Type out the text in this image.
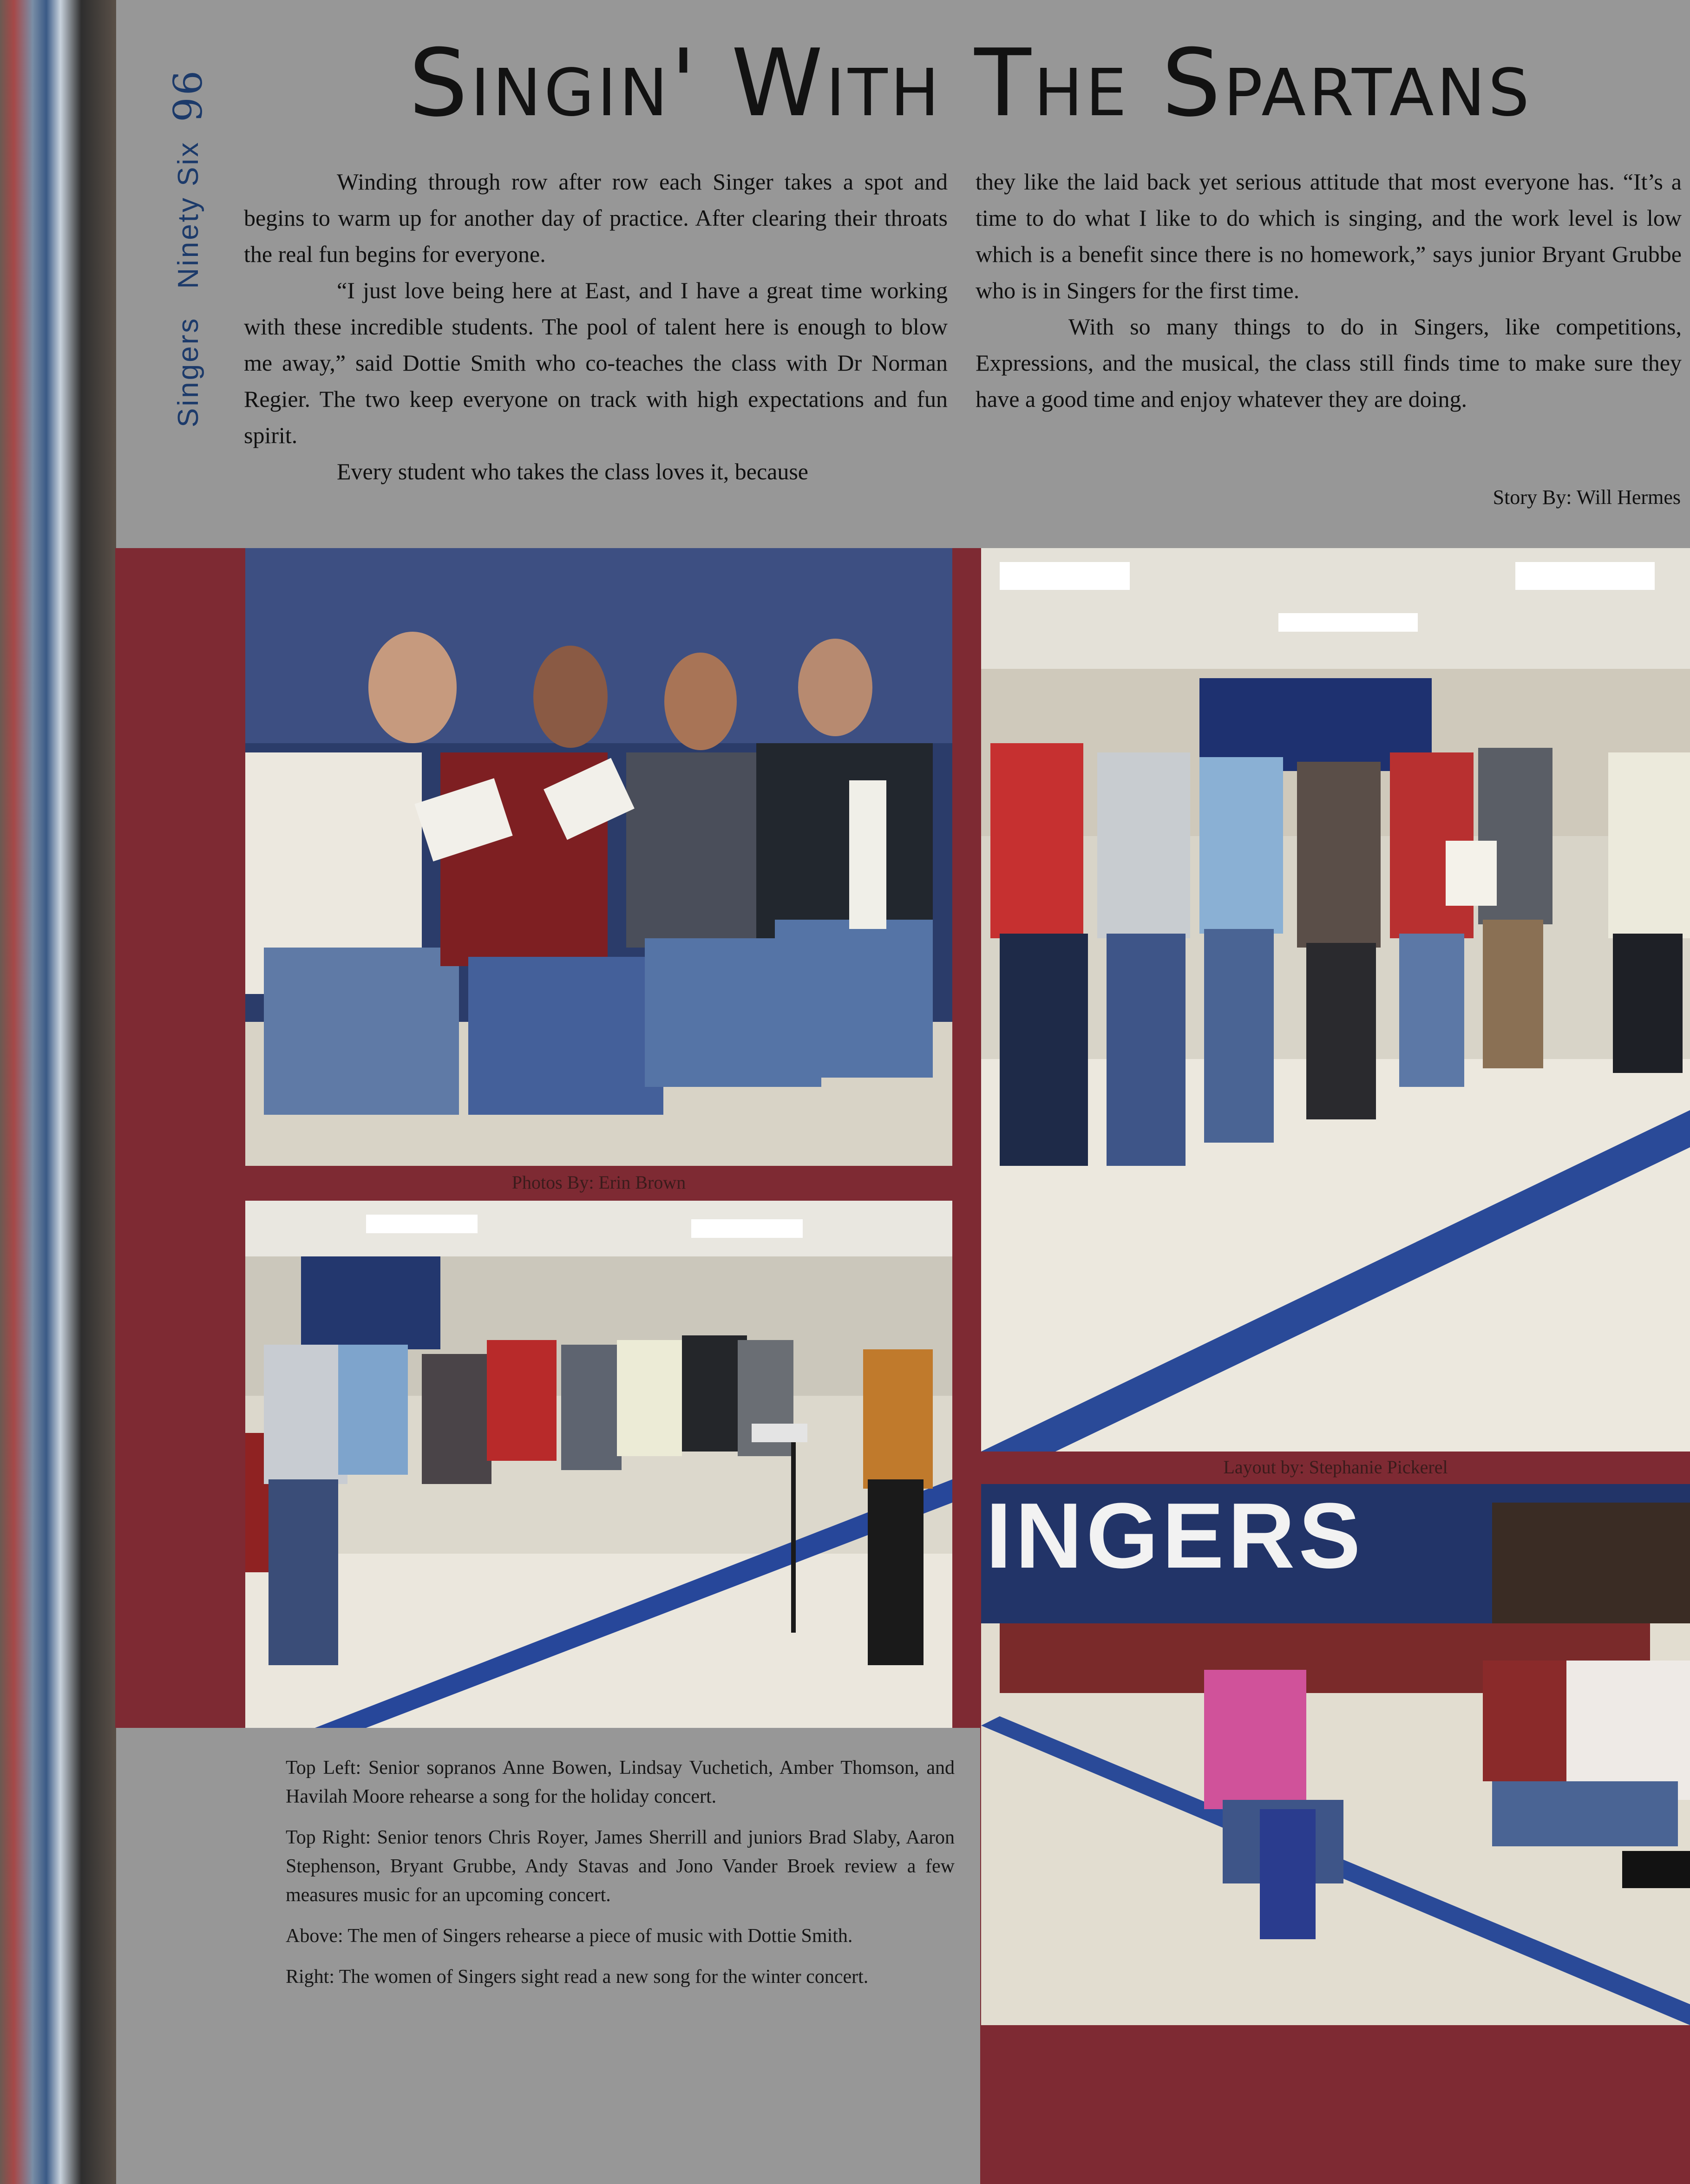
Singers
Ninety Six
96 Singin' With The Spartans

Winding through row after row each Singer takes a spot and begins to warm up for another day of practice. After clearing their throats the real fun begins for everyone.

“I just love being here at East, and I have a great time working with these incredible students. The pool of talent here is enough to blow me away,” said Dottie Smith who co-teaches the class with Dr Norman Regier. The two keep everyone on track with high expectations and fun spirit.

Every student who takes the class loves it, because

they like the laid back yet serious attitude that most everyone has. “It’s a time to do what I like to do which is singing, and the work level is low which is a benefit since there is no homework,” says junior Bryant Grubbe who is in Singers for the first time.

With so many things to do in Singers, like competitions, Expressions, and the musical, the class still finds time to make sure they have a good time and enjoy whatever they are doing.

Story By: Will Hermes
Photos By: Erin Brown
Layout by: Stephanie Pickerel
INGERS

Top Left: Senior sopranos Anne Bowen, Lindsay Vuchetich, Amber Thomson, and Havilah Moore rehearse a song for the holiday concert.

Top Right: Senior tenors Chris Royer, James Sherrill and juniors Brad Slaby, Aaron Stephenson, Bryant Grubbe, Andy Stavas and Jono Vander Broek review a few measures music for an upcoming concert.

Above: The men of Singers rehearse a piece of music with Dottie Smith.

Right: The women of Singers sight read a new song for the winter concert.
